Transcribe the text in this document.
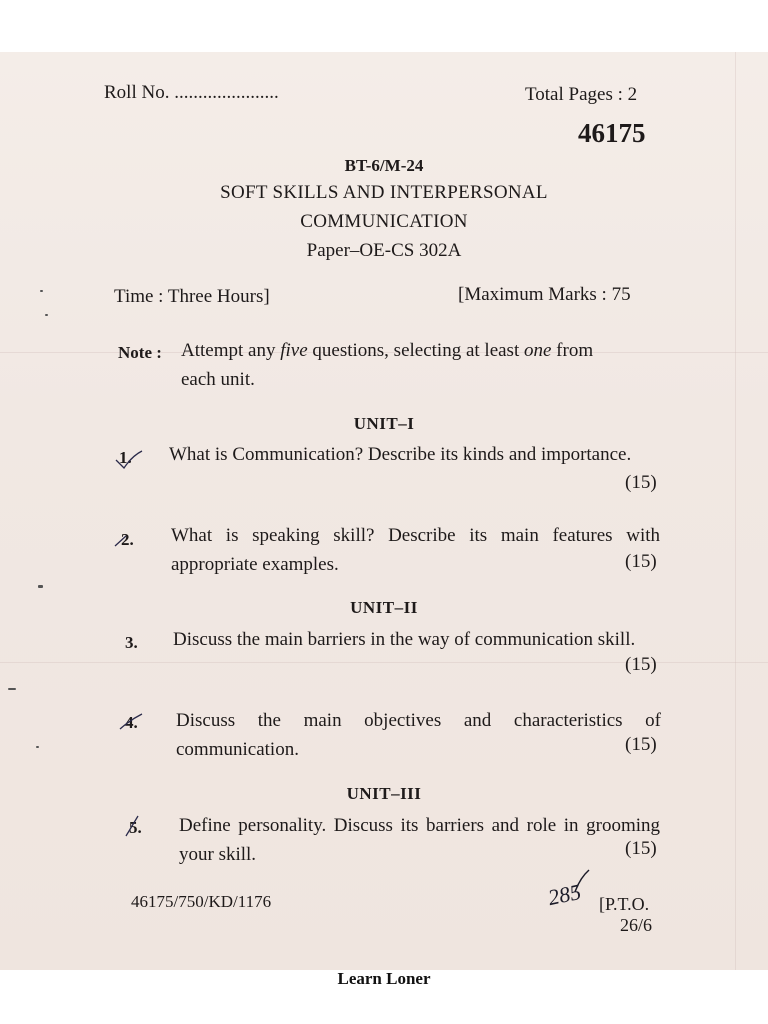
Roll No. ......................	Total Pages : 2
46175
BT-6/M-24
SOFT SKILLS AND INTERPERSONAL
COMMUNICATION
Paper–OE-CS 302A
Time : Three Hours]	[Maximum Marks : 75
Note : Attempt any five questions, selecting at least one from
each unit.
UNIT–I
1. What is Communication? Describe its kinds and importance.
(15)
2. What is speaking skill? Describe its main features with appropriate examples.	(15)
UNIT–II
3. Discuss the main barriers in the way of communication skill.
(15)
4. Discuss the main objectives and characteristics of communication.	(15)
UNIT–III
5. Define personality. Discuss its barriers and role in grooming your skill.	(15)
46175/750/KD/1176	285 [P.T.O.
26/6
Learn Loner
